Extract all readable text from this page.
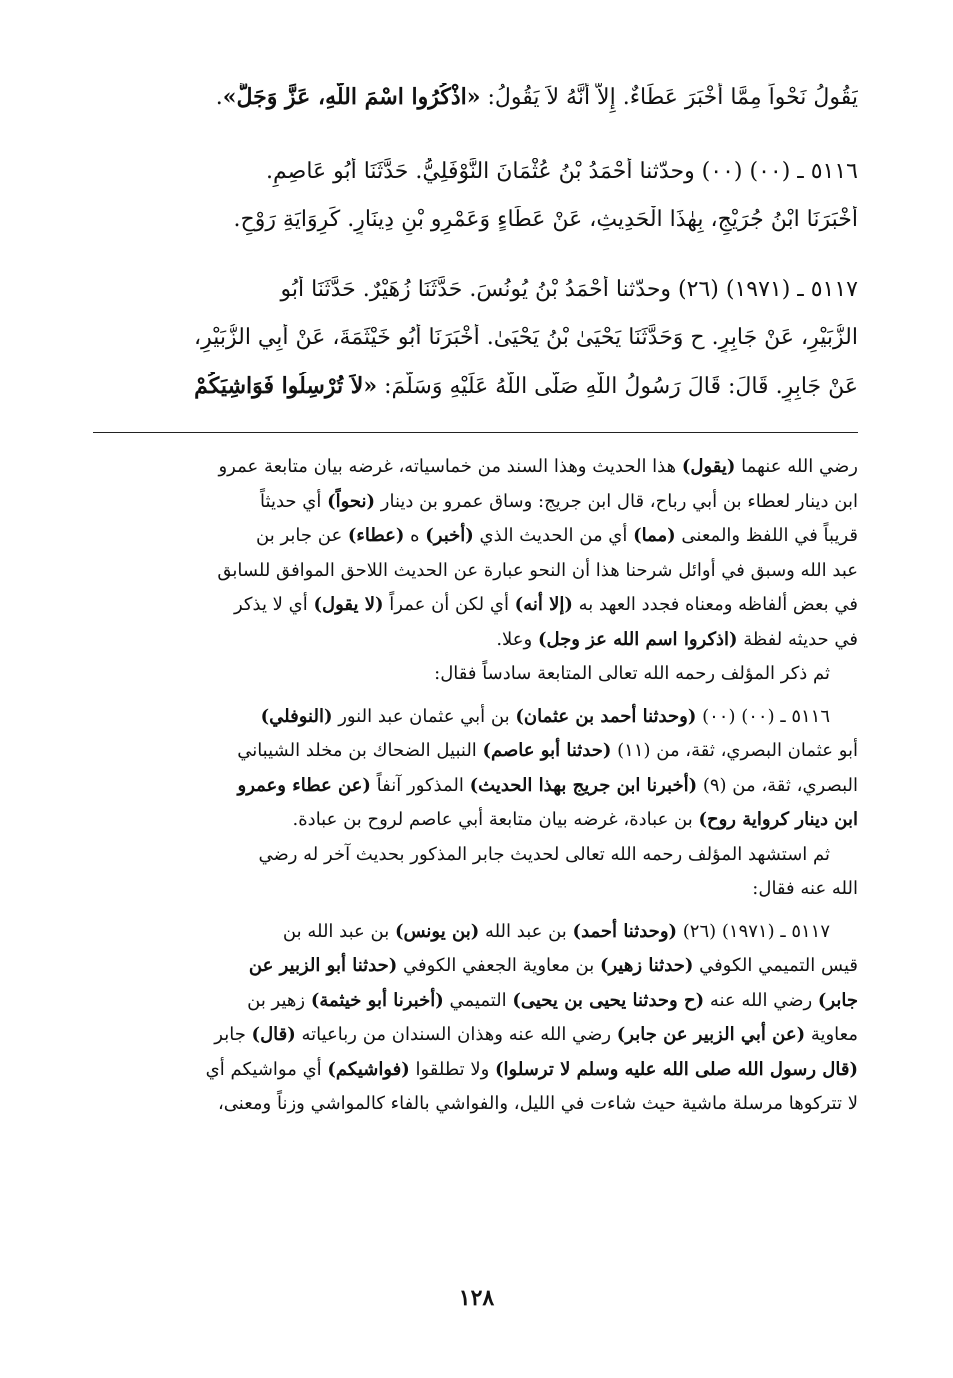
يَقُولُ نَحْواً مِمَّا أَخْبَرَ عَطَاءٌ. إِلاَّ أَنَّهُ لاَ يَقُولُ: «اذْكُرُوا اسْمَ اللَّهِ، عَزَّ وَجَلَّ».
٥١١٦ ـ (٠٠) (٠٠) وحدّثنا أَحْمَدُ بْنُ عُثْمَانَ النَّوْفَلِيُّ. حَدَّثَنَا أَبُو عَاصِمٍ.
أَخْبَرَنَا ابْنُ جُرَيْجٍ، بِهٰذَا الْحَدِيثِ، عَنْ عَطَاءٍ وَعَمْرِو بْنِ دِينَارٍ. كَرِوَايَةِ رَوْحٍ.
٥١١٧ ـ (١٩٧١) (٢٦) وحدّثنا أَحْمَدُ بْنُ يُونُسَ. حَدَّثَنَا زُهَيْرٌ. حَدَّثَنَا أَبُو
الزُّبَيْرِ، عَنْ جَابِرٍ. ح وَحَدَّثَنَا يَحْيَىٰ بْنُ يَحْيَىٰ. أَخْبَرَنَا أَبُو خَيْثَمَةَ، عَنْ أَبِي الزُّبَيْرِ،
عَنْ جَابِرٍ. قَالَ: قَالَ رَسُولُ اللَّهِ صَلَّى اللَّهُ عَلَيْهِ وَسَلَّمَ: «لاَ تُرْسِلُوا فَوَاشِيَكُمْ

رضي الله عنهما (يقول) هذا الحديث وهذا السند من خماسياته، غرضه بيان متابعة عمرو
ابن دينار لعطاء بن أبي رباح، قال ابن جريج: وساق عمرو بن دينار (نحواً) أي حديثاً
قريباً في اللفظ والمعنى (مما) أي من الحديث الذي (أخبر) ه (عطاء) عن جابر بن
عبد الله وسبق في أوائل شرحنا هذا أن النحو عبارة عن الحديث اللاحق الموافق للسابق
في بعض ألفاظه ومعناه فجدد العهد به (إلا أنه) أي لكن أن عمراً (لا يقول) أي لا يذكر
في حديثه لفظة (اذكروا اسم الله عز وجل) وعلا.

ثم ذكر المؤلف رحمه الله تعالى المتابعة سادساً فقال:

٥١١٦ ـ (٠٠) (٠٠) (وحدثنا أحمد بن عثمان) بن أبي عثمان عبد النور (النوفلي)
أبو عثمان البصري، ثقة، من (١١) (حدثنا أبو عاصم) النبيل الضحاك بن مخلد الشيباني
البصري، ثقة، من (٩) (أخبرنا ابن جريج بهذا الحديث) المذكور آنفاً (عن عطاء وعمرو
ابن دينار كرواية روح) بن عبادة، غرضه بيان متابعة أبي عاصم لروح بن عبادة.

ثم استشهد المؤلف رحمه الله تعالى لحديث جابر المذكور بحديث آخر له رضي
الله عنه فقال:

٥١١٧ ـ (١٩٧١) (٢٦) (وحدثنا أحمد) بن عبد الله (بن يونس) بن عبد الله بن
قيس التميمي الكوفي (حدثنا زهير) بن معاوية الجعفي الكوفي (حدثنا أبو الزبير عن
جابر) رضي الله عنه (ح وحدثنا يحيى بن يحيى) التميمي (أخبرنا أبو خيثمة) زهير بن
معاوية (عن أبي الزبير عن جابر) رضي الله عنه وهذان السندان من رباعياته (قال) جابر
(قال رسول الله صلى الله عليه وسلم لا ترسلوا) ولا تطلقوا (فواشيكم) أي مواشيكم أي
لا تتركوها مرسلة ماشية حيث شاءت في الليل، والفواشي بالفاء كالمواشي وزناً ومعنى،

١٢٨
